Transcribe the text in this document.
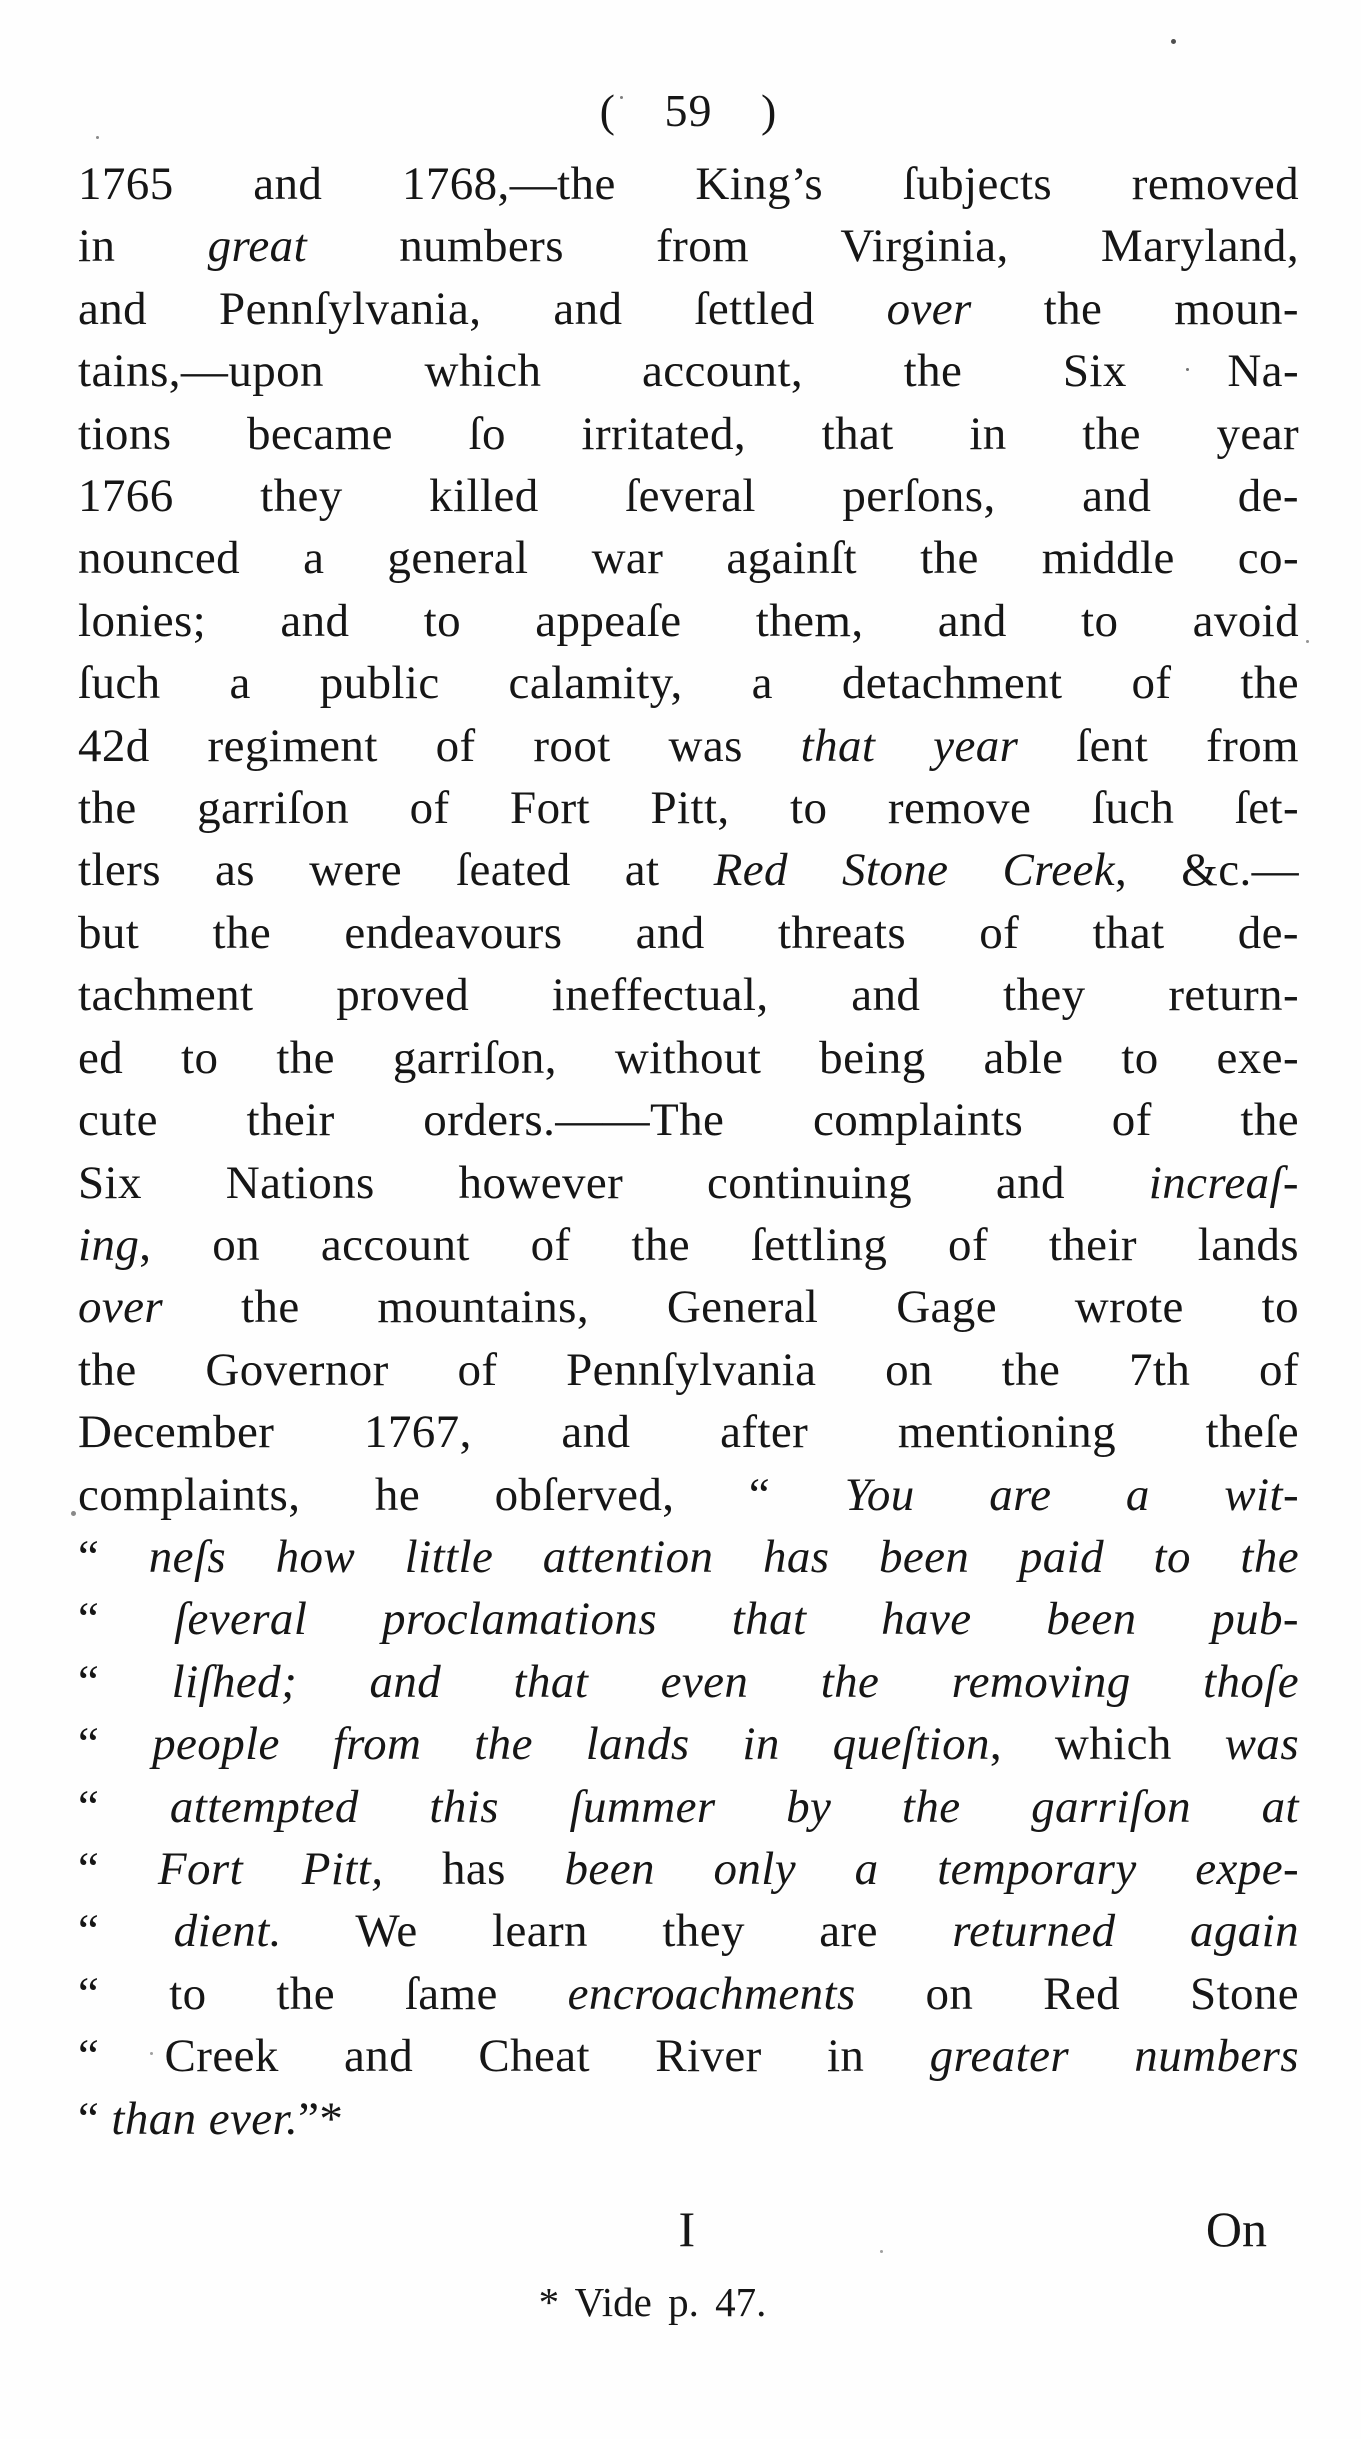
( 59 )
1765 and 1768,—the King’s ſubjects removed
in great numbers from Virginia, Maryland,
and Pennſylvania, and ſettled over the moun-
tains,—upon which account, the Six Na-
tions became ſo irritated, that in the year
1766 they killed ſeveral perſons, and de-
nounced a general war againſt the middle co-
lonies; and to appeaſe them, and to avoid
ſuch a public calamity, a detachment of the
42d regiment of root was that year ſent from
the garriſon of Fort Pitt, to remove ſuch ſet-
tlers as were ſeated at Red Stone Creek, &c.—
but the endeavours and threats of that de-
tachment proved ineffectual, and they return-
ed to the garriſon, without being able to exe-
cute their orders.——The complaints of the
Six Nations however continuing and increaſ-
ing, on account of the ſettling of their lands
over the mountains, General Gage wrote to
the Governor of Pennſylvania on the 7th of
December 1767, and after mentioning theſe
complaints, he obſerved, “ You are a wit-
“ neſs how little attention has been paid to the
“ ſeveral proclamations that have been pub-
“ liſhed; and that even the removing thoſe
“ people from the lands in queſtion, which was
“ attempted this ſummer by the garriſon at
“ Fort Pitt, has been only a temporary expe-
“ dient. We learn they are returned again
“ to the ſame encroachments on Red Stone
“ Creek and Cheat River in greater numbers
“ than ever.”*
I	On
* Vide p. 47.
